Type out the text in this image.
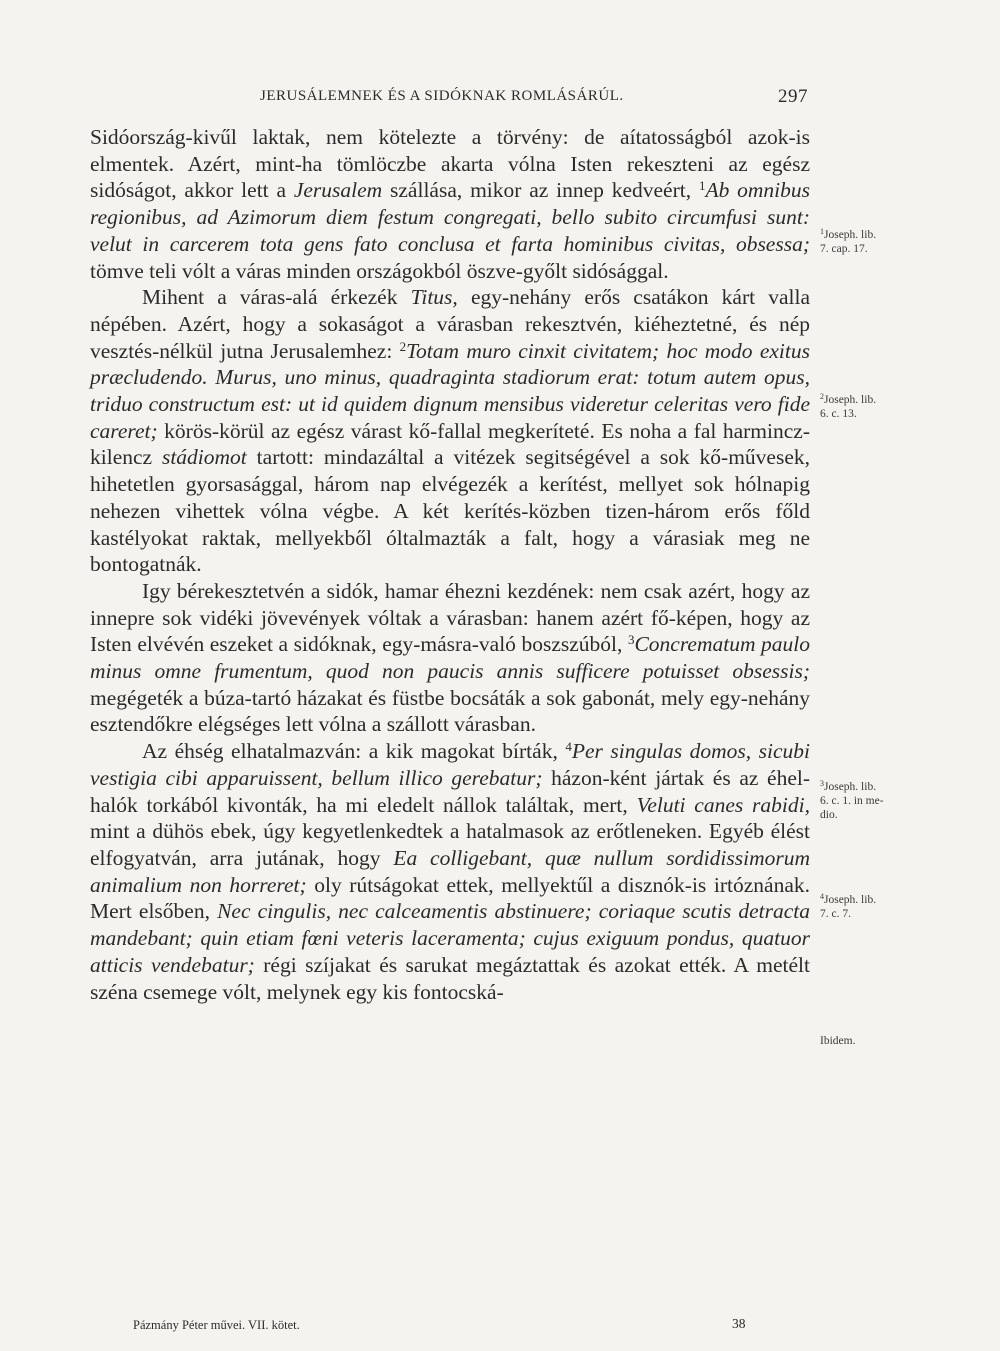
JERUSÁLEMNEK ÉS A SIDÓKNAK ROMLÁSÁRÚL.	297

Sidóország-kivűl laktak, nem kötelezte a törvény: de aítatosságból azok-is elmentek. Azért, mint-ha tömlöczbe akarta vólna Isten rekeszteni az egész sidóságot, akkor lett a Jerusalem szállása, mikor az innep kedveért, $^1$Ab omnibus regionibus, ad Azimorum diem festum congregati, bello subito circumfusi sunt: velut in carcerem tota gens fato conclusa et farta hominibus civitas, obsessa; tömve teli vólt a váras minden országokból öszve-győlt sidósággal.

Mihent a váras-alá érkezék Titus, egy-nehány erős csatákon kárt valla népében. Azért, hogy a sokaságot a várasban rekesztvén, kiéheztetné, és nép vesztés-nélkül jutna Jerusalemhez: $^2$Totam muro cinxit civitatem; hoc modo exitus præcludendo. Murus, uno minus, quadraginta stadiorum erat: totum autem opus, triduo constructum est: ut id quidem dignum mensibus videretur celeritas vero fide careret; körös-körül az egész várast kő-fallal megkeríteté. Es noha a fal harmincz-kilencz stádiomot tartott: mindazáltal a vitézek segitségével a sok kő-művesek, hihetetlen gyorsasággal, három nap elvégezék a kerítést, mellyet sok hólnapig nehezen vihettek vólna végbe. A két kerítés-közben tizen-három erős főld kastélyokat raktak, mellyekből óltalmazták a falt, hogy a várasiak meg ne bontogatnák.

Igy bérekesztetvén a sidók, hamar éhezni kezdének: nem csak azért, hogy az innepre sok vidéki jövevények vóltak a várasban: hanem azért fő-képen, hogy az Isten elvévén eszeket a sidóknak, egy-másra-való boszszúból, $^3$Concrematum paulo minus omne frumentum, quod non paucis annis sufficere potuisset obsessis; megégeték a búza-tartó házakat és füstbe bocsáták a sok gabonát, mely egy-nehány esztendőkre elégséges lett vólna a szállott várasban.

Az éhség elhatalmazván: a kik magokat bírták, $^4$Per singulas domos, sicubi vestigia cibi apparuissent, bellum illico gerebatur; házon-ként jártak és az éhel-halók torkából kivonták, ha mi eledelt nállok találtak, mert, Veluti canes rabidi, mint a dühös ebek, úgy kegyetlenkedtek a hatalmasok az erőtleneken. Egyéb élést elfogyatván, arra jutának, hogy Ea colligebant, quæ nullum sordidissimorum animalium non horreret; oly rútságokat ettek, mellyektűl a disznók-is irtóznának. Mert elsőben, Nec cingulis, nec calceamentis abstinuere; coriaque scutis detracta mandebant; quin etiam fœni veteris laceramenta; cujus exiguum pondus, quatuor atticis vendebatur; régi szíjakat és sarukat megáztattak és azokat ették. A metélt széna csemege vólt, melynek egy kis fontocská-

$^1$Joseph. lib.
7. cap. 17.
$^2$Joseph. lib.
6. c. 13.
$^3$Joseph. lib.
6. c. 1. in me-
dio.
$^4$Joseph. lib.
7. c. 7.
Ibidem.
Pázmány Péter művei. VII. kötet.	38
